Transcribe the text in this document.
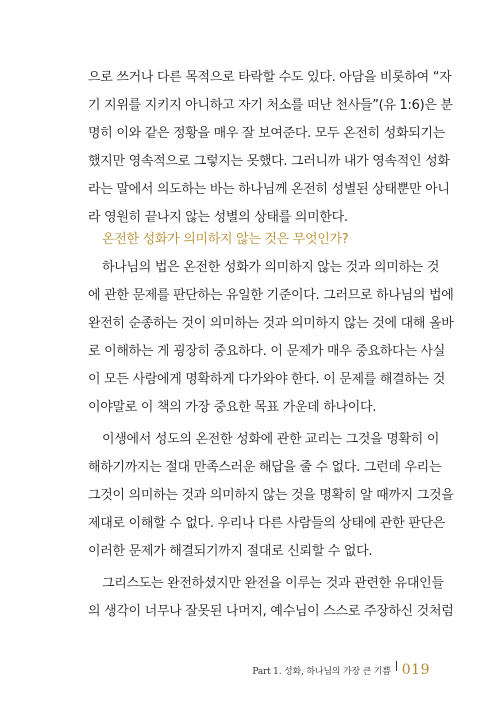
으로 쓰거나 다른 목적으로 타락할 수도 있다. 아담을 비롯하여 “자
기 지위를 지키지 아니하고 자기 처소를 떠난 천사들”(유 1:6)은 분
명히 이와 같은 정황을 매우 잘 보여준다. 모두 온전히 성화되기는
했지만 영속적으로 그렇지는 못했다. 그러니까 내가 영속적인 성화
라는 말에서 의도하는 바는 하나님께 온전히 성별된 상태뿐만 아니
라 영원히 끝나지 않는 성별의 상태를 의미한다.
온전한 성화가 의미하지 않는 것은 무엇인가?
하나님의 법은 온전한 성화가 의미하지 않는 것과 의미하는 것
에 관한 문제를 판단하는 유일한 기준이다. 그러므로 하나님의 법에
완전히 순종하는 것이 의미하는 것과 의미하지 않는 것에 대해 올바
로 이해하는 게 굉장히 중요하다. 이 문제가 매우 중요하다는 사실
이 모든 사람에게 명확하게 다가와야 한다. 이 문제를 해결하는 것
이야말로 이 책의 가장 중요한 목표 가운데 하나이다.
이생에서 성도의 온전한 성화에 관한 교리는 그것을 명확히 이
해하기까지는 절대 만족스러운 해답을 줄 수 없다. 그런데 우리는
그것이 의미하는 것과 의미하지 않는 것을 명확히 알 때까지 그것을
제대로 이해할 수 없다. 우리나 다른 사람들의 상태에 관한 판단은
이러한 문제가 해결되기까지 절대로 신뢰할 수 없다.
그리스도는 완전하셨지만 완전을 이루는 것과 관련한 유대인들
의 생각이 너무나 잘못된 나머지, 예수님이 스스로 주장하신 것처럼
Part 1. 성화, 하나님의 가장 큰 기쁨 019
